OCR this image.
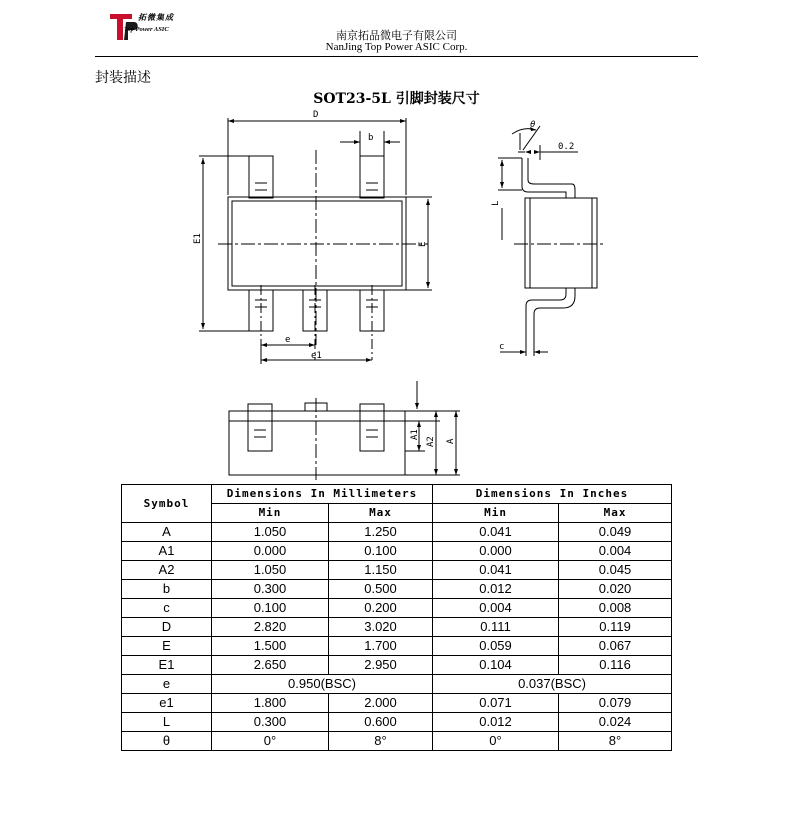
拓微集成
Top Power ASIC	南京拓品微电子有限公司
NanJing Top Power ASIC Corp.
封装描述
SOT23-5L 引脚封装尺寸
D
b
E1
E
e
e1
θ
0.2
L
c
A1
A2 A
Symbol	Dimensions In Millimeters		Dimensions In Inches	
	Min	Max	Min	Max
A	1.050	1.250	0.041	0.049
A1	0.000	0.100	0.000	0.004
A2	1.050	1.150	0.041	0.045
b	0.300	0.500	0.012	0.020
c	0.100	0.200	0.004	0.008
D	2.820	3.020	0.111	0.119
E	1.500	1.700	0.059	0.067
E1	2.650	2.950	0.104	0.116
e	0.950(BSC)		0.037(BSC)	
e1	1.800	2.000	0.071	0.079
L	0.300	0.600	0.012	0.024
θ	0°	8°	0°	8°
